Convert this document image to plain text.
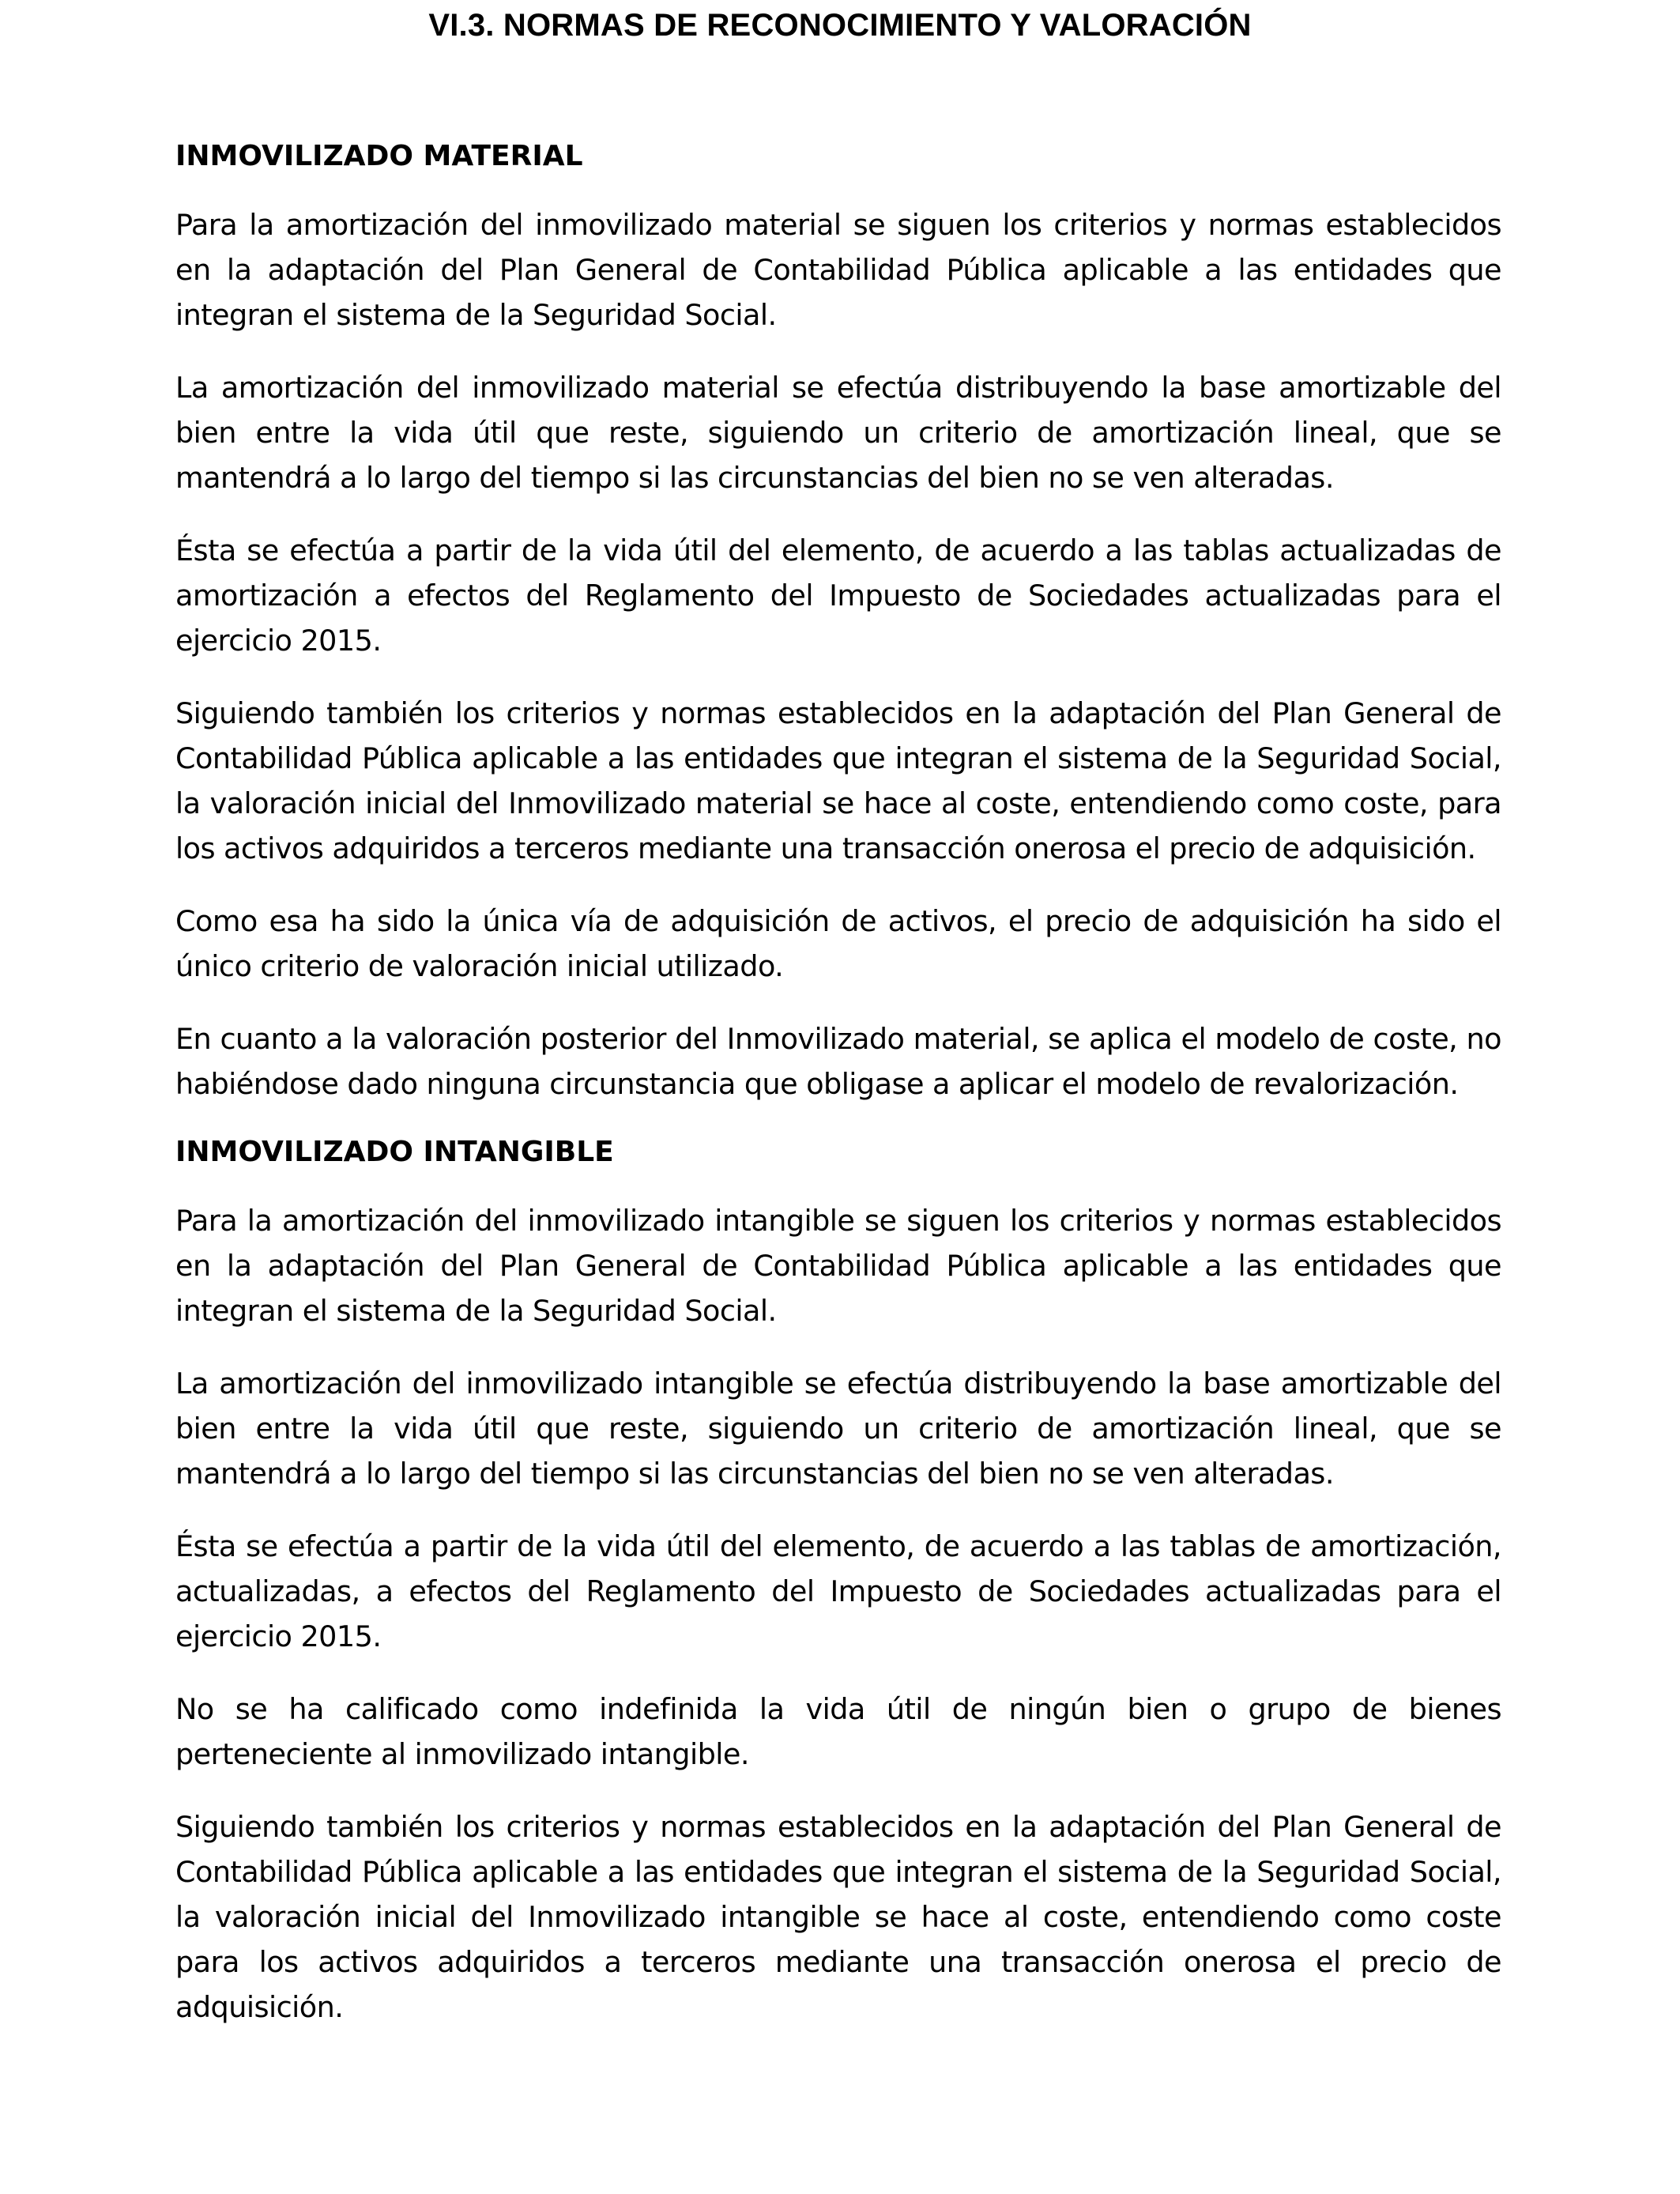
VI.3. NORMAS DE RECONOCIMIENTO Y VALORACIÓN
INMOVILIZADO MATERIAL

Para la amortización del inmovilizado material se siguen los criterios y normas establecidos en la adaptación del Plan General de Contabilidad Pública aplicable a las entidades que integran el sistema de la Seguridad Social.

La amortización del inmovilizado material se efectúa distribuyendo la base amortizable del bien entre la vida útil que reste, siguiendo un criterio de amortización lineal, que se mantendrá a lo largo del tiempo si las circunstancias del bien no se ven alteradas.

Ésta se efectúa a partir de la vida útil del elemento, de acuerdo a las tablas actualizadas de amortización a efectos del Reglamento del Impuesto de Sociedades actualizadas para el ejercicio 2015.

Siguiendo también los criterios y normas establecidos en la adaptación del Plan General de Contabilidad Pública aplicable a las entidades que integran el sistema de la Seguridad Social, la valoración inicial del Inmovilizado material se hace al coste, entendiendo como coste, para los activos adquiridos a terceros mediante una transacción onerosa el precio de adquisición.

Como esa ha sido la única vía de adquisición de activos, el precio de adquisición ha sido el único criterio de valoración inicial utilizado.

En cuanto a la valoración posterior del Inmovilizado material, se aplica el modelo de coste, no habiéndose dado ninguna circunstancia que obligase a aplicar el modelo de revalorización.

INMOVILIZADO INTANGIBLE

Para la amortización del inmovilizado intangible se siguen los criterios y normas establecidos en la adaptación del Plan General de Contabilidad Pública aplicable a las entidades que integran el sistema de la Seguridad Social.

La amortización del inmovilizado intangible se efectúa distribuyendo la base amortizable del bien entre la vida útil que reste, siguiendo un criterio de amortización lineal, que se mantendrá a lo largo del tiempo si las circunstancias del bien no se ven alteradas.

Ésta se efectúa a partir de la vida útil del elemento, de acuerdo a las tablas de amortización, actualizadas, a efectos del Reglamento del Impuesto de Sociedades actualizadas para el ejercicio 2015.

No se ha calificado como indefinida la vida útil de ningún bien o grupo de bienes perteneciente al inmovilizado intangible.

Siguiendo también los criterios y normas establecidos en la adaptación del Plan General de Contabilidad Pública aplicable a las entidades que integran el sistema de la Seguridad Social, la valoración inicial del Inmovilizado intangible se hace al coste, entendiendo como coste para los activos adquiridos a terceros mediante una transacción onerosa el precio de adquisición.
